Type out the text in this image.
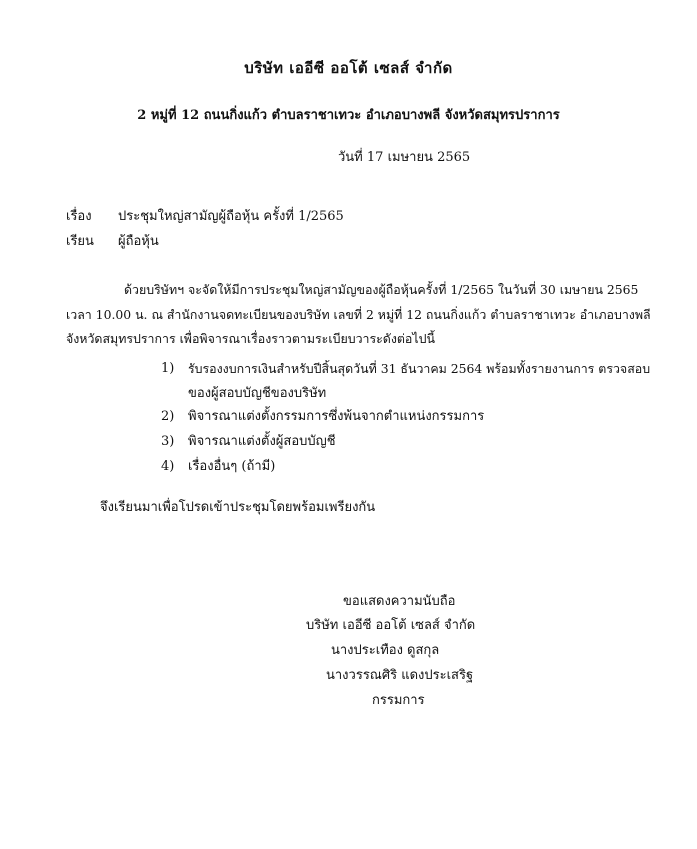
บริษัท เออีซี ออโต้ เซลส์ จำกัด
2 หมู่ที่ 12 ถนนกิ่งแก้ว ตำบลราชาเทวะ อำเภอบางพลี จังหวัดสมุทรปราการ
วันที่ 17 เมษายน 2565
เรื่อง ประชุมใหญ่สามัญผู้ถือหุ้น ครั้งที่ 1/2565
เรียน ผู้ถือหุ้น
ด้วยบริษัทฯ จะจัดให้มีการประชุมใหญ่สามัญของผู้ถือหุ้นครั้งที่ 1/2565 ในวันที่ 30 เมษายน 2565
เวลา 10.00 น. ณ สำนักงานจดทะเบียนของบริษัท เลขที่ 2 หมู่ที่ 12 ถนนกิ่งแก้ว ตำบลราชาเทวะ อำเภอบางพลี
จังหวัดสมุทรปราการ เพื่อพิจารณาเรื่องราวตามระเบียบวาระดังต่อไปนี้
1) รับรองงบการเงินสำหรับปีสิ้นสุดวันที่ 31 ธันวาคม 2564 พร้อมทั้งรายงานการ ตรวจสอบ
ของผู้สอบบัญชีของบริษัท
2) พิจารณาแต่งตั้งกรรมการซึ่งพ้นจากตำแหน่งกรรมการ
3) พิจารณาแต่งตั้งผู้สอบบัญชี
4) เรื่องอื่นๆ (ถ้ามี)
จึงเรียนมาเพื่อโปรดเข้าประชุมโดยพร้อมเพรียงกัน
ขอแสดงความนับถือ
บริษัท เออีซี ออโต้ เซลส์ จำกัด
นางประเทือง ดูสกุล
นางวรรณศิริ แดงประเสริฐ
กรรมการ
